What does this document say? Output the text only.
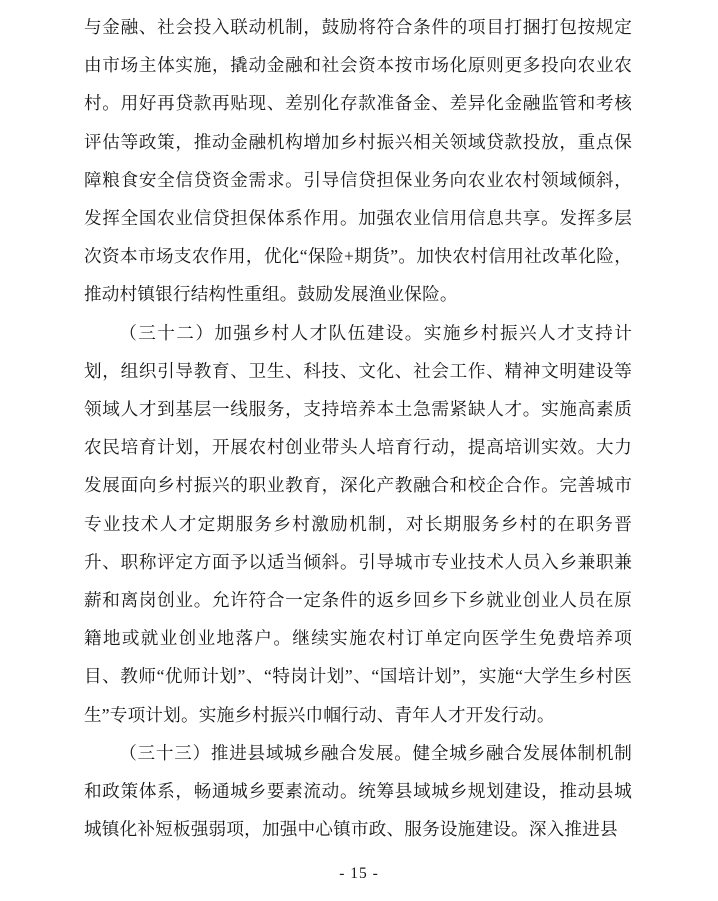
与金融、社会投入联动机制，鼓励将符合条件的项目打捆打包按规定由市场主体实施，撬动金融和社会资本按市场化原则更多投向农业农村。用好再贷款再贴现、差别化存款准备金、差异化金融监管和考核评估等政策，推动金融机构增加乡村振兴相关领域贷款投放，重点保障粮食安全信贷资金需求。引导信贷担保业务向农业农村领域倾斜，发挥全国农业信贷担保体系作用。加强农业信用信息共享。发挥多层次资本市场支农作用，优化“保险+期货”。加快农村信用社改革化险，推动村镇银行结构性重组。鼓励发展渔业保险。

（三十二）加强乡村人才队伍建设。实施乡村振兴人才支持计划，组织引导教育、卫生、科技、文化、社会工作、精神文明建设等领域人才到基层一线服务，支持培养本土急需紧缺人才。实施高素质农民培育计划，开展农村创业带头人培育行动，提高培训实效。大力发展面向乡村振兴的职业教育，深化产教融合和校企合作。完善城市专业技术人才定期服务乡村激励机制，对长期服务乡村的在职务晋升、职称评定方面予以适当倾斜。引导城市专业技术人员入乡兼职兼薪和离岗创业。允许符合一定条件的返乡回乡下乡就业创业人员在原籍地或就业创业地落户。继续实施农村订单定向医学生免费培养项目、教师“优师计划”、“特岗计划”、“国培计划”，实施“大学生乡村医生”专项计划。实施乡村振兴巾帼行动、青年人才开发行动。

（三十三）推进县域城乡融合发展。健全城乡融合发展体制机制和政策体系，畅通城乡要素流动。统筹县域城乡规划建设，推动县城城镇化补短板强弱项，加强中心镇市政、服务设施建设。深入推进县

- 15 -
